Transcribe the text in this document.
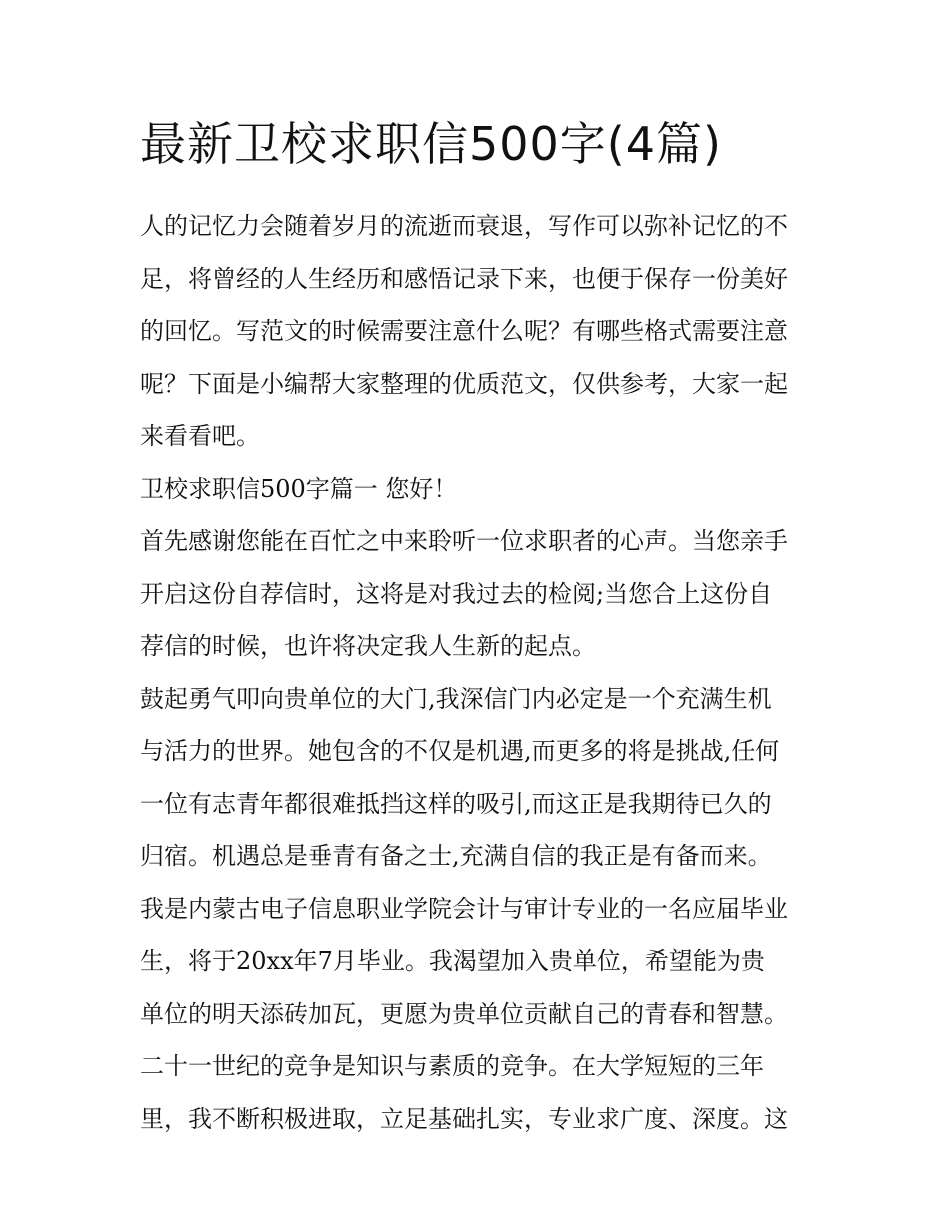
最新卫校求职信500字(4篇)
人的记忆力会随着岁月的流逝而衰退，写作可以弥补记忆的不
足，将曾经的人生经历和感悟记录下来，也便于保存一份美好
的回忆。写范文的时候需要注意什么呢？有哪些格式需要注意
呢？下面是小编帮大家整理的优质范文，仅供参考，大家一起
来看看吧。
卫校求职信500字篇一 您好！
首先感谢您能在百忙之中来聆听一位求职者的心声。当您亲手
开启这份自荐信时，这将是对我过去的检阅;当您合上这份自
荐信的时候，也许将决定我人生新的起点。
鼓起勇气叩向贵单位的大门,我深信门内必定是一个充满生机
与活力的世界。她包含的不仅是机遇,而更多的将是挑战,任何
一位有志青年都很难抵挡这样的吸引,而这正是我期待已久的
归宿。机遇总是垂青有备之士,充满自信的我正是有备而来。
我是内蒙古电子信息职业学院会计与审计专业的一名应届毕业
生，将于20xx年7月毕业。我渴望加入贵单位，希望能为贵
单位的明天添砖加瓦，更愿为贵单位贡献自己的青春和智慧。
二十一世纪的竞争是知识与素质的竞争。在大学短短的三年
里，我不断积极进取，立足基础扎实，专业求广度、深度。这
